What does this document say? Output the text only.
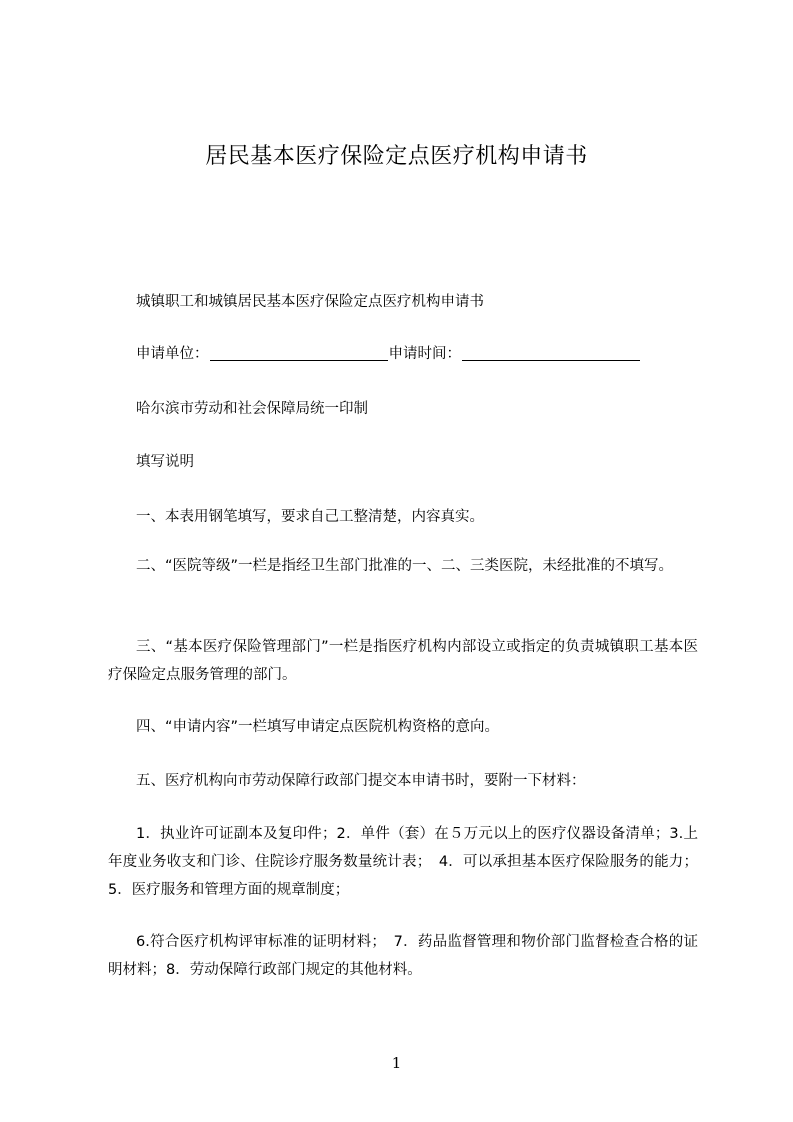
居民基本医疗保险定点医疗机构申请书

城镇职工和城镇居民基本医疗保险定点医疗机构申请书

申请单位：	申请时间：

哈尔滨市劳动和社会保障局统一印制

填写说明

一、本表用钢笔填写，要求自己工整清楚，内容真实。

二、“医院等级”一栏是指经卫生部门批准的一、二、三类医院，未经批准的不填写。

三、“基本医疗保险管理部门”一栏是指医疗机构内部设立或指定的负责城镇职工基本医疗保险定点服务管理的部门。

四、“申请内容”一栏填写申请定点医院机构资格的意向。

五、医疗机构向市劳动保障行政部门提交本申请书时，要附一下材料：

1．执业许可证副本及复印件；2．单件（套）在５万元以上的医疗仪器设备清单；3.上年度业务收支和门诊、住院诊疗服务数量统计表；　4．可以承担基本医疗保险服务的能力；5．医疗服务和管理方面的规章制度；

6.符合医疗机构评审标准的证明材料；　7．药品监督管理和物价部门监督检查合格的证明材料；8．劳动保障行政部门规定的其他材料。

1
